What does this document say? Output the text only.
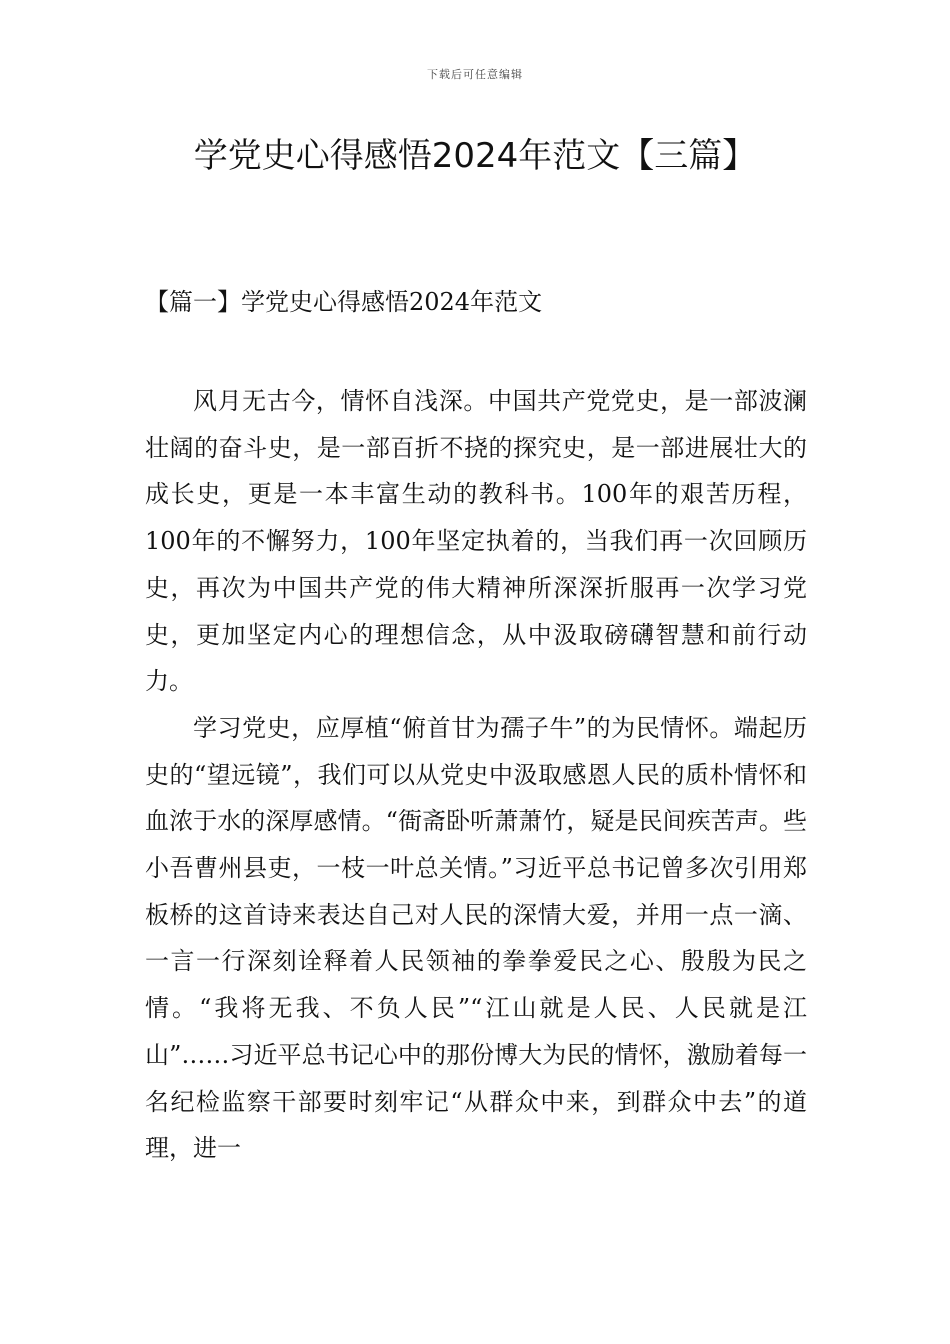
下载后可任意编辑
学党史心得感悟2024年范文【三篇】
【篇一】学党史心得感悟2024年范文

风月无古今，情怀自浅深。中国共产党党史，是一部波澜壮阔的奋斗史，是一部百折不挠的探究史，是一部进展壮大的成长史，更是一本丰富生动的教科书。100年的艰苦历程，100年的不懈努力，100年坚定执着的，当我们再一次回顾历史，再次为中国共产党的伟大精神所深深折服再一次学习党史，更加坚定内心的理想信念，从中汲取磅礴智慧和前行动力。

学习党史，应厚植“俯首甘为孺子牛”的为民情怀。端起历史的“望远镜”，我们可以从党史中汲取感恩人民的质朴情怀和血浓于水的深厚感情。“衙斋卧听萧萧竹，疑是民间疾苦声。些小吾曹州县吏，一枝一叶总关情。”习近平总书记曾多次引用郑板桥的这首诗来表达自己对人民的深情大爱，并用一点一滴、一言一行深刻诠释着人民领袖的拳拳爱民之心、殷殷为民之情。“我将无我、不负人民”“江山就是人民、人民就是江山”……习近平总书记心中的那份博大为民的情怀，激励着每一名纪检监察干部要时刻牢记“从群众中来，到群众中去”的道理，进一
